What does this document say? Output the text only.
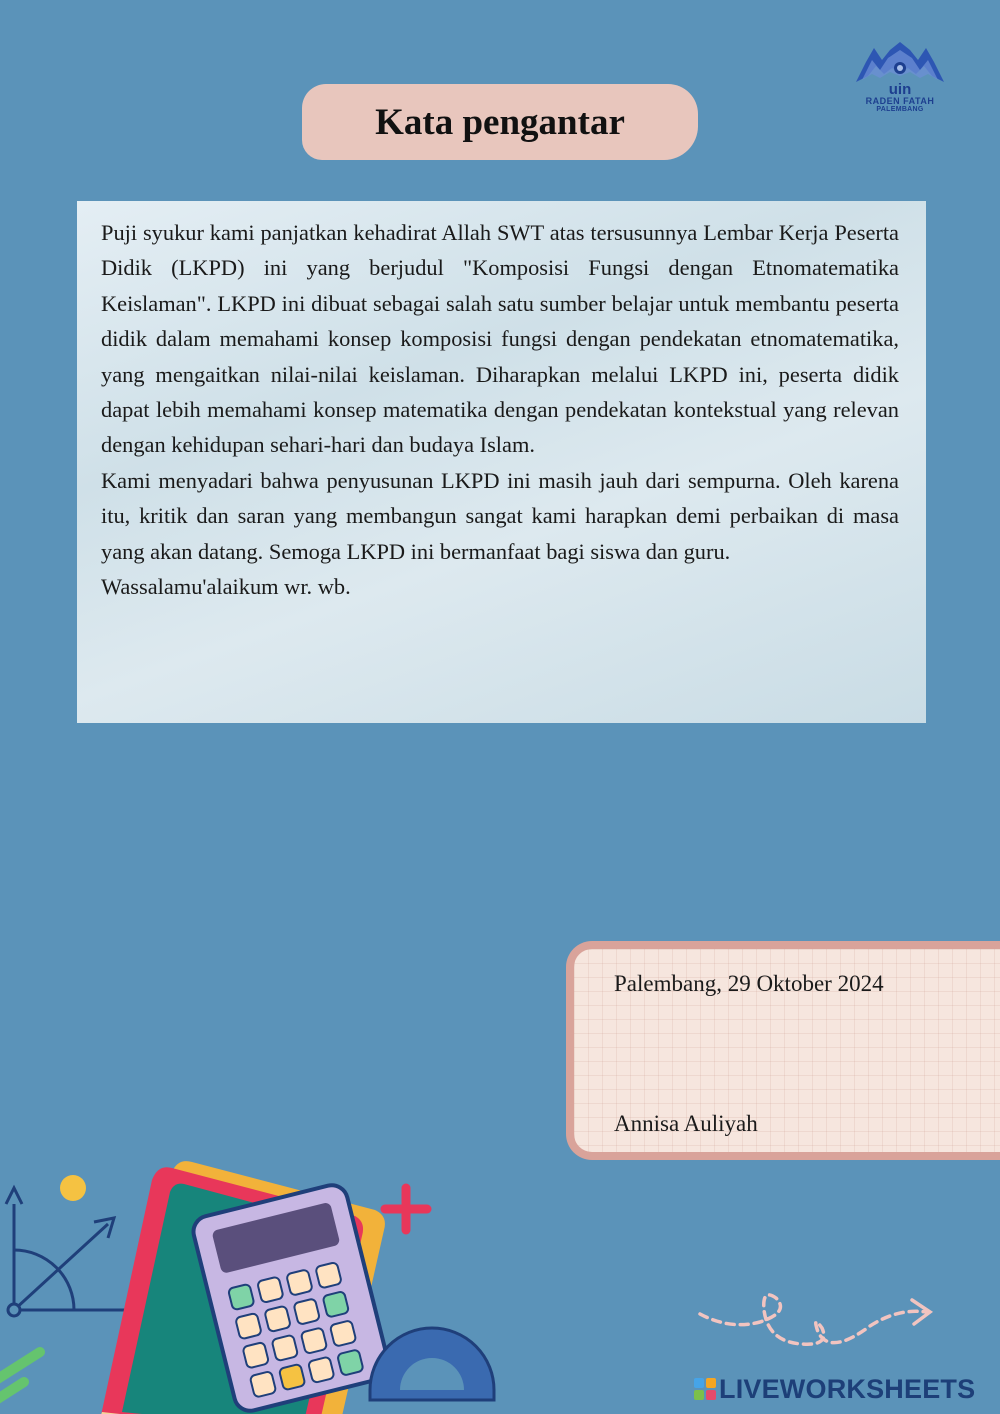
uin
RADEN FATAH
PALEMBANG
Kata pengantar

Puji syukur kami panjatkan kehadirat Allah SWT atas tersusunnya Lembar Kerja Peserta Didik (LKPD) ini yang berjudul "Komposisi Fungsi dengan Etnomatematika Keislaman". LKPD ini dibuat sebagai salah satu sumber belajar untuk membantu peserta didik dalam memahami konsep komposisi fungsi dengan pendekatan etnomatematika, yang mengaitkan nilai-nilai keislaman. Diharapkan melalui LKPD ini, peserta didik dapat lebih memahami konsep matematika dengan pendekatan kontekstual yang relevan dengan kehidupan sehari-hari dan budaya Islam.

Kami menyadari bahwa penyusunan LKPD ini masih jauh dari sempurna. Oleh karena itu, kritik dan saran yang membangun sangat kami harapkan demi perbaikan di masa yang akan datang. Semoga LKPD ini bermanfaat bagi siswa dan guru.

Wassalamu'alaikum wr. wb.

Palembang, 29 Oktober 2024
Annisa Auliyah
LIVEWORKSHEETS
